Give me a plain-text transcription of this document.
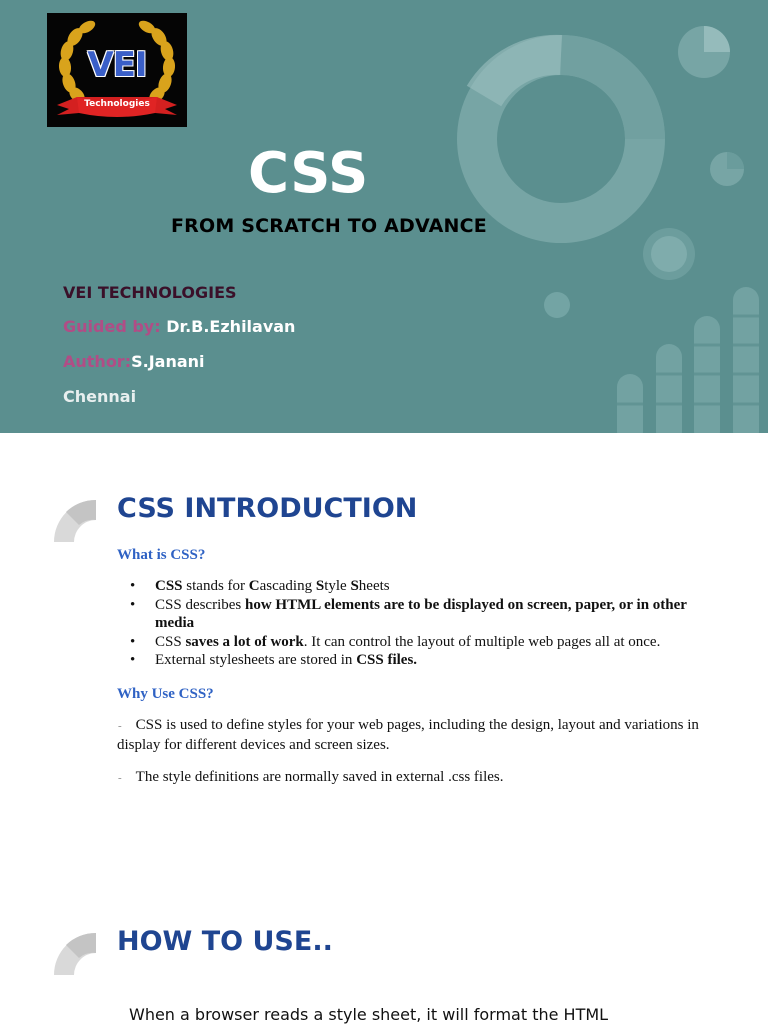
VEI
Technologies
CSS
FROM SCRATCH TO ADVANCE
VEI TECHNOLOGIES
Guided by: Dr.B.Ezhilavan
Author:S.Janani
Chennai
CSS INTRODUCTION
What is CSS?
• CSS stands for Cascading Style Sheets
• CSS describes how HTML elements are to be displayed on screen, paper, or in other media
• CSS saves a lot of work. It can control the layout of multiple web pages all at once.
• External stylesheets are stored in CSS files.
Why Use CSS?

- CSS is used to define styles for your web pages, including the design, layout and variations in display for different devices and screen sizes.

- The style definitions are normally saved in external .css files.

HOW TO USE..
When a browser reads a style sheet, it will format the HTML
